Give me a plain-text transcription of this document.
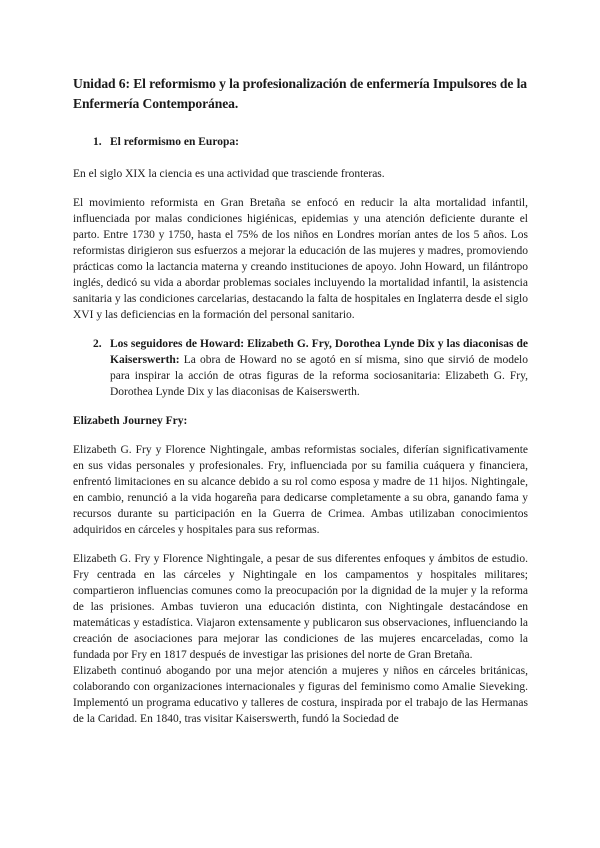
Unidad 6: El reformismo y la profesionalización de enfermería Impulsores de la Enfermería Contemporánea.
1. El reformismo en Europa:

En el siglo XIX la ciencia es una actividad que trasciende fronteras.

El movimiento reformista en Gran Bretaña se enfocó en reducir la alta mortalidad infantil, influenciada por malas condiciones higiénicas, epidemias y una atención deficiente durante el parto. Entre 1730 y 1750, hasta el 75% de los niños en Londres morían antes de los 5 años. Los reformistas dirigieron sus esfuerzos a mejorar la educación de las mujeres y madres, promoviendo prácticas como la lactancia materna y creando instituciones de apoyo. John Howard, un filántropo inglés, dedicó su vida a abordar problemas sociales incluyendo la mortalidad infantil, la asistencia sanitaria y las condiciones carcelarias, destacando la falta de hospitales en Inglaterra desde el siglo XVI y las deficiencias en la formación del personal sanitario.

2. Los seguidores de Howard: Elizabeth G. Fry, Dorothea Lynde Dix y las diaconisas de Kaiserswerth: La obra de Howard no se agotó en sí misma, sino que sirvió de modelo para inspirar la acción de otras figuras de la reforma sociosanitaria: Elizabeth G. Fry, Dorothea Lynde Dix y las diaconisas de Kaiserswerth.
Elizabeth Journey Fry:

Elizabeth G. Fry y Florence Nightingale, ambas reformistas sociales, diferían significativamente en sus vidas personales y profesionales. Fry, influenciada por su familia cuáquera y financiera, enfrentó limitaciones en su alcance debido a su rol como esposa y madre de 11 hijos. Nightingale, en cambio, renunció a la vida hogareña para dedicarse completamente a su obra, ganando fama y recursos durante su participación en la Guerra de Crimea. Ambas utilizaban conocimientos adquiridos en cárceles y hospitales para sus reformas.

Elizabeth G. Fry y Florence Nightingale, a pesar de sus diferentes enfoques y ámbitos de estudio. Fry centrada en las cárceles y Nightingale en los campamentos y hospitales militares; compartieron influencias comunes como la preocupación por la dignidad de la mujer y la reforma de las prisiones. Ambas tuvieron una educación distinta, con Nightingale destacándose en matemáticas y estadística. Viajaron extensamente y publicaron sus observaciones, influenciando la creación de asociaciones para mejorar las condiciones de las mujeres encarceladas, como la fundada por Fry en 1817 después de investigar las prisiones del norte de Gran Bretaña.

Elizabeth continuó abogando por una mejor atención a mujeres y niños en cárceles británicas, colaborando con organizaciones internacionales y figuras del feminismo como Amalie Sieveking. Implementó un programa educativo y talleres de costura, inspirada por el trabajo de las Hermanas de la Caridad. En 1840, tras visitar Kaiserswerth, fundó la Sociedad de
